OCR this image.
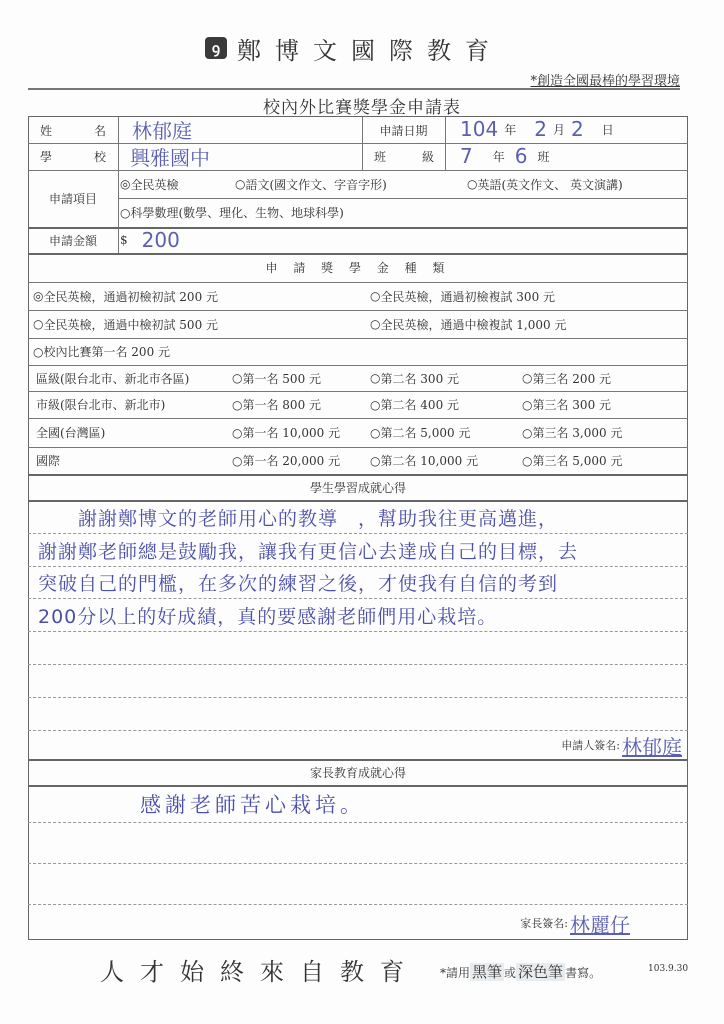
ꝯ 鄭博文國際教育
*創造全國最棒的學習環境
校內外比賽獎學金申請表
姓	名 林郁庭	申請日期	104 年 2 月 2 日
學	校 興雅國中	班	級 7 年 6 班
申請項目
◎ 全民英檢	○ 語文(國文作文、字音字形)	○ 英語(英文作文、 英文演講)
○ 科學數理(數學、理化、生物、地球科學)
申請金額	$ 200
申 請 獎 學 金 種 類
◎ 全民英檢，通過初檢初試 200 元	○ 全民英檢，通過初檢複試 300 元
○ 全民英檢，通過中檢初試 500 元	○ 全民英檢，通過中檢複試 1,000 元
○ 校內比賽第一名 200 元
區級(限台北市、新北市各區)	○ 第一名 500 元	○ 第二名 300 元	○ 第三名 200 元
市級(限台北市、新北市)	○ 第一名 800 元	○ 第二名 400 元	○ 第三名 300 元
全國(台灣區)	○ 第一名 10,000 元 ○ 第二名 5,000 元	○ 第三名 3,000 元
國際	○ 第一名 20,000 元 ○ 第二名 10,000 元	○ 第三名 5,000 元
學生學習成就心得
　　謝謝鄭博文的老師用心的教導　，幫助我往更高邁進，
謝謝鄭老師總是鼓勵我，讓我有更信心去達成自己的目標，去
突破自己的門檻，在多次的練習之後，才使我有自信的考到
200分以上的好成績，真的要感謝老師們用心栽培。
申請人簽名: 林郁庭
家長教育成就心得
感謝老師苦心栽培。
家長簽名: 林麗仔
人才始終來自教育 *請用 黑筆 或 深色筆 書寫。	103.9.30
